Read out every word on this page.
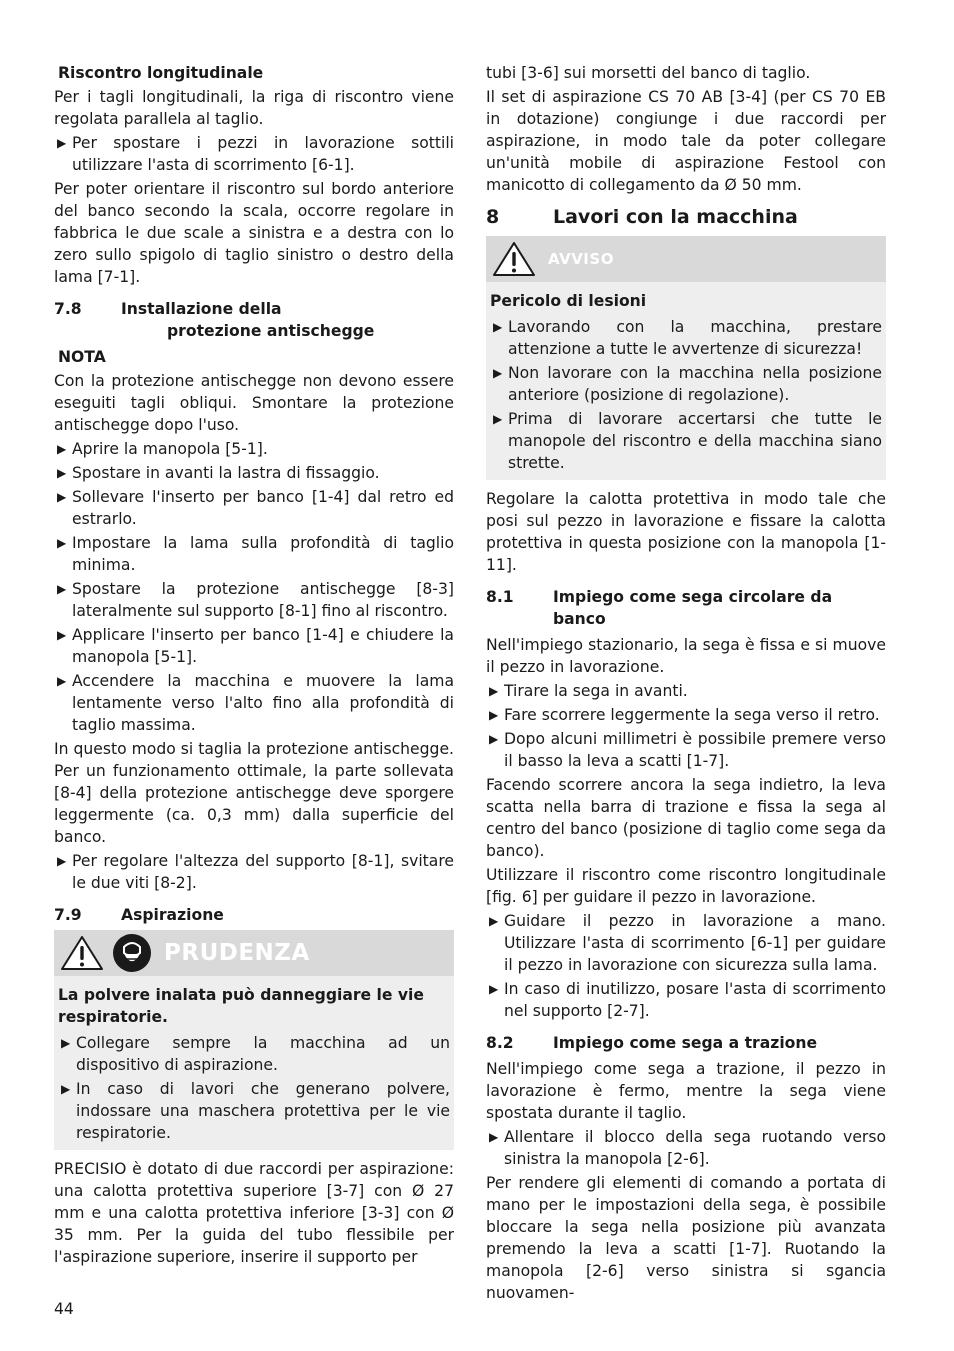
Riscontro longitudinale

Per i tagli longitudinali, la riga di riscontro viene regolata parallela al taglio.

▶ Per spostare i pezzi in lavorazione sottili utilizzare l'asta di scorrimento [6-1].

Per poter orientare il riscontro sul bordo anteriore del banco secondo la scala, occorre regolare in fabbrica le due scale a sinistra e a destra con lo zero sullo spigolo di taglio sinistro o destro della lama [7-1].

7.8	Installazione della
protezione antischegge
NOTA

Con la protezione antischegge non devono essere eseguiti tagli obliqui. Smontare la protezione antischegge dopo l'uso.

▶ Aprire la manopola [5-1].
▶ Spostare in avanti la lastra di fissaggio.
▶ Sollevare l'inserto per banco [1-4] dal retro ed estrarlo.
▶ Impostare la lama sulla profondità di taglio minima.
▶ Spostare la protezione antischegge [8-3] lateralmente sul supporto [8-1] fino al riscontro.
▶ Applicare l'inserto per banco [1-4] e chiudere la manopola [5-1].
▶ Accendere la macchina e muovere la lama lentamente verso l'alto fino alla profondità di taglio massima.

In questo modo si taglia la protezione antischegge. Per un funzionamento ottimale, la parte sollevata [8-4] della protezione antischegge deve sporgere leggermente (ca. 0,3 mm) dalla superficie del banco.

▶ Per regolare l'altezza del supporto [8-1], svitare le due viti [8-2].
7.9	Aspirazione
PRUDENZA
La polvere inalata può danneggiare le vie respiratorie.
▶ Collegare sempre la macchina ad un dispositivo di aspirazione.
▶ In caso di lavori che generano polvere, indossare una maschera protettiva per le vie respiratorie.

PRECISIO è dotato di due raccordi per aspirazione: una calotta protettiva superiore [3-7] con Ø 27 mm e una calotta protettiva inferiore [3-3] con Ø 35 mm. Per la guida del tubo flessibile per l'aspirazione superiore, inserire il supporto per

tubi [3-6] sui morsetti del banco di taglio.

Il set di aspirazione CS 70 AB [3-4] (per CS 70 EB in dotazione) congiunge i due raccordi per aspirazione, in modo tale da poter collegare un'unità mobile di aspirazione Festool con manicotto di collegamento da Ø 50 mm.

8	Lavori con la macchina
AVVISO
Pericolo di lesioni
▶ Lavorando con la macchina, prestare attenzione a tutte le avvertenze di sicurezza!
▶ Non lavorare con la macchina nella posizione anteriore (posizione di regolazione).
▶ Prima di lavorare accertarsi che tutte le manopole del riscontro e della macchina siano strette.

Regolare la calotta protettiva in modo tale che posi sul pezzo in lavorazione e fissare la calotta protettiva in questa posizione con la manopola [1-11].

8.1	Impiego come sega circolare da banco

Nell'impiego stazionario, la sega è fissa e si muove il pezzo in lavorazione.

▶ Tirare la sega in avanti.
▶ Fare scorrere leggermente la sega verso il retro.
▶ Dopo alcuni millimetri è possibile premere verso il basso la leva a scatti [1-7].

Facendo scorrere ancora la sega indietro, la leva scatta nella barra di trazione e fissa la sega al centro del banco (posizione di taglio come sega da banco).

Utilizzare il riscontro come riscontro longitudinale [fig. 6] per guidare il pezzo in lavorazione.

▶ Guidare il pezzo in lavorazione a mano. Utilizzare l'asta di scorrimento [6-1] per guidare il pezzo in lavorazione con sicurezza sulla lama.
▶ In caso di inutilizzo, posare l'asta di scorrimento nel supporto [2-7].
8.2	Impiego come sega a trazione

Nell'impiego come sega a trazione, il pezzo in lavorazione è fermo, mentre la sega viene spostata durante il taglio.

▶ Allentare il blocco della sega ruotando verso sinistra la manopola [2-6].

Per rendere gli elementi di comando a portata di mano per le impostazioni della sega, è possibile bloccare la sega nella posizione più avanzata premendo la leva a scatti [1-7]. Ruotando la manopola [2-6] verso sinistra si sgancia nuovamen-

44
